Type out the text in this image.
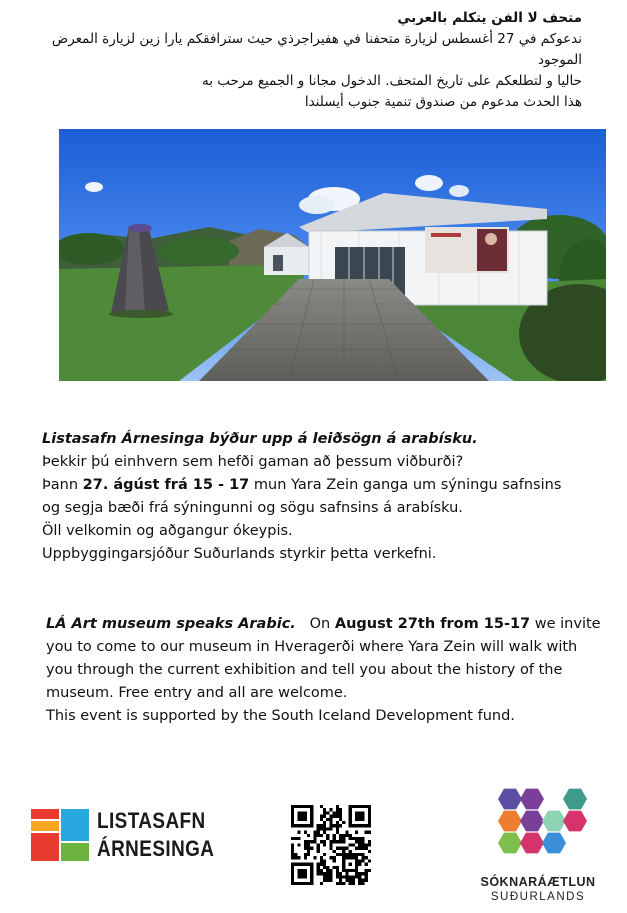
متحف لا الفن يتكلم بالعربي
ندعوكم في 27 أغسطس لزيارة متحفنا في هفيراجرذي حيث سترافقكم يارا زين لزيارة المعرض الموجود
حاليا و لتطلعكم على تاريخ المتحف. الدخول مجانا و الجميع مرحب به
هذا الحدث مدعوم من صندوق تنمية جنوب أيسلندا
Listasafn Árnesinga býður upp á leiðsögn á arabísku.
Þekkir þú einhvern sem hefði gaman að þessum viðburði?
Þann 27. ágúst frá 15 - 17 mun Yara Zein ganga um sýningu safnsins
og segja bæði frá sýningunni og sögu safnsins á arabísku.
Öll velkomin og aðgangur ókeypis.
Uppbyggingarsjóður Suðurlands styrkir þetta verkefni.
LÁ Art museum speaks Arabic.   On August 27th from 15-17 we invite
you to come to our museum in Hveragerði where Yara Zein will walk with
you through the current exhibition and tell you about the history of the
museum. Free entry and all are welcome.
This event is supported by the South Iceland Development fund.
LISTASAFN
ÁRNESINGA
SÓKNARÁÆTLUN
SUÐURLANDS
